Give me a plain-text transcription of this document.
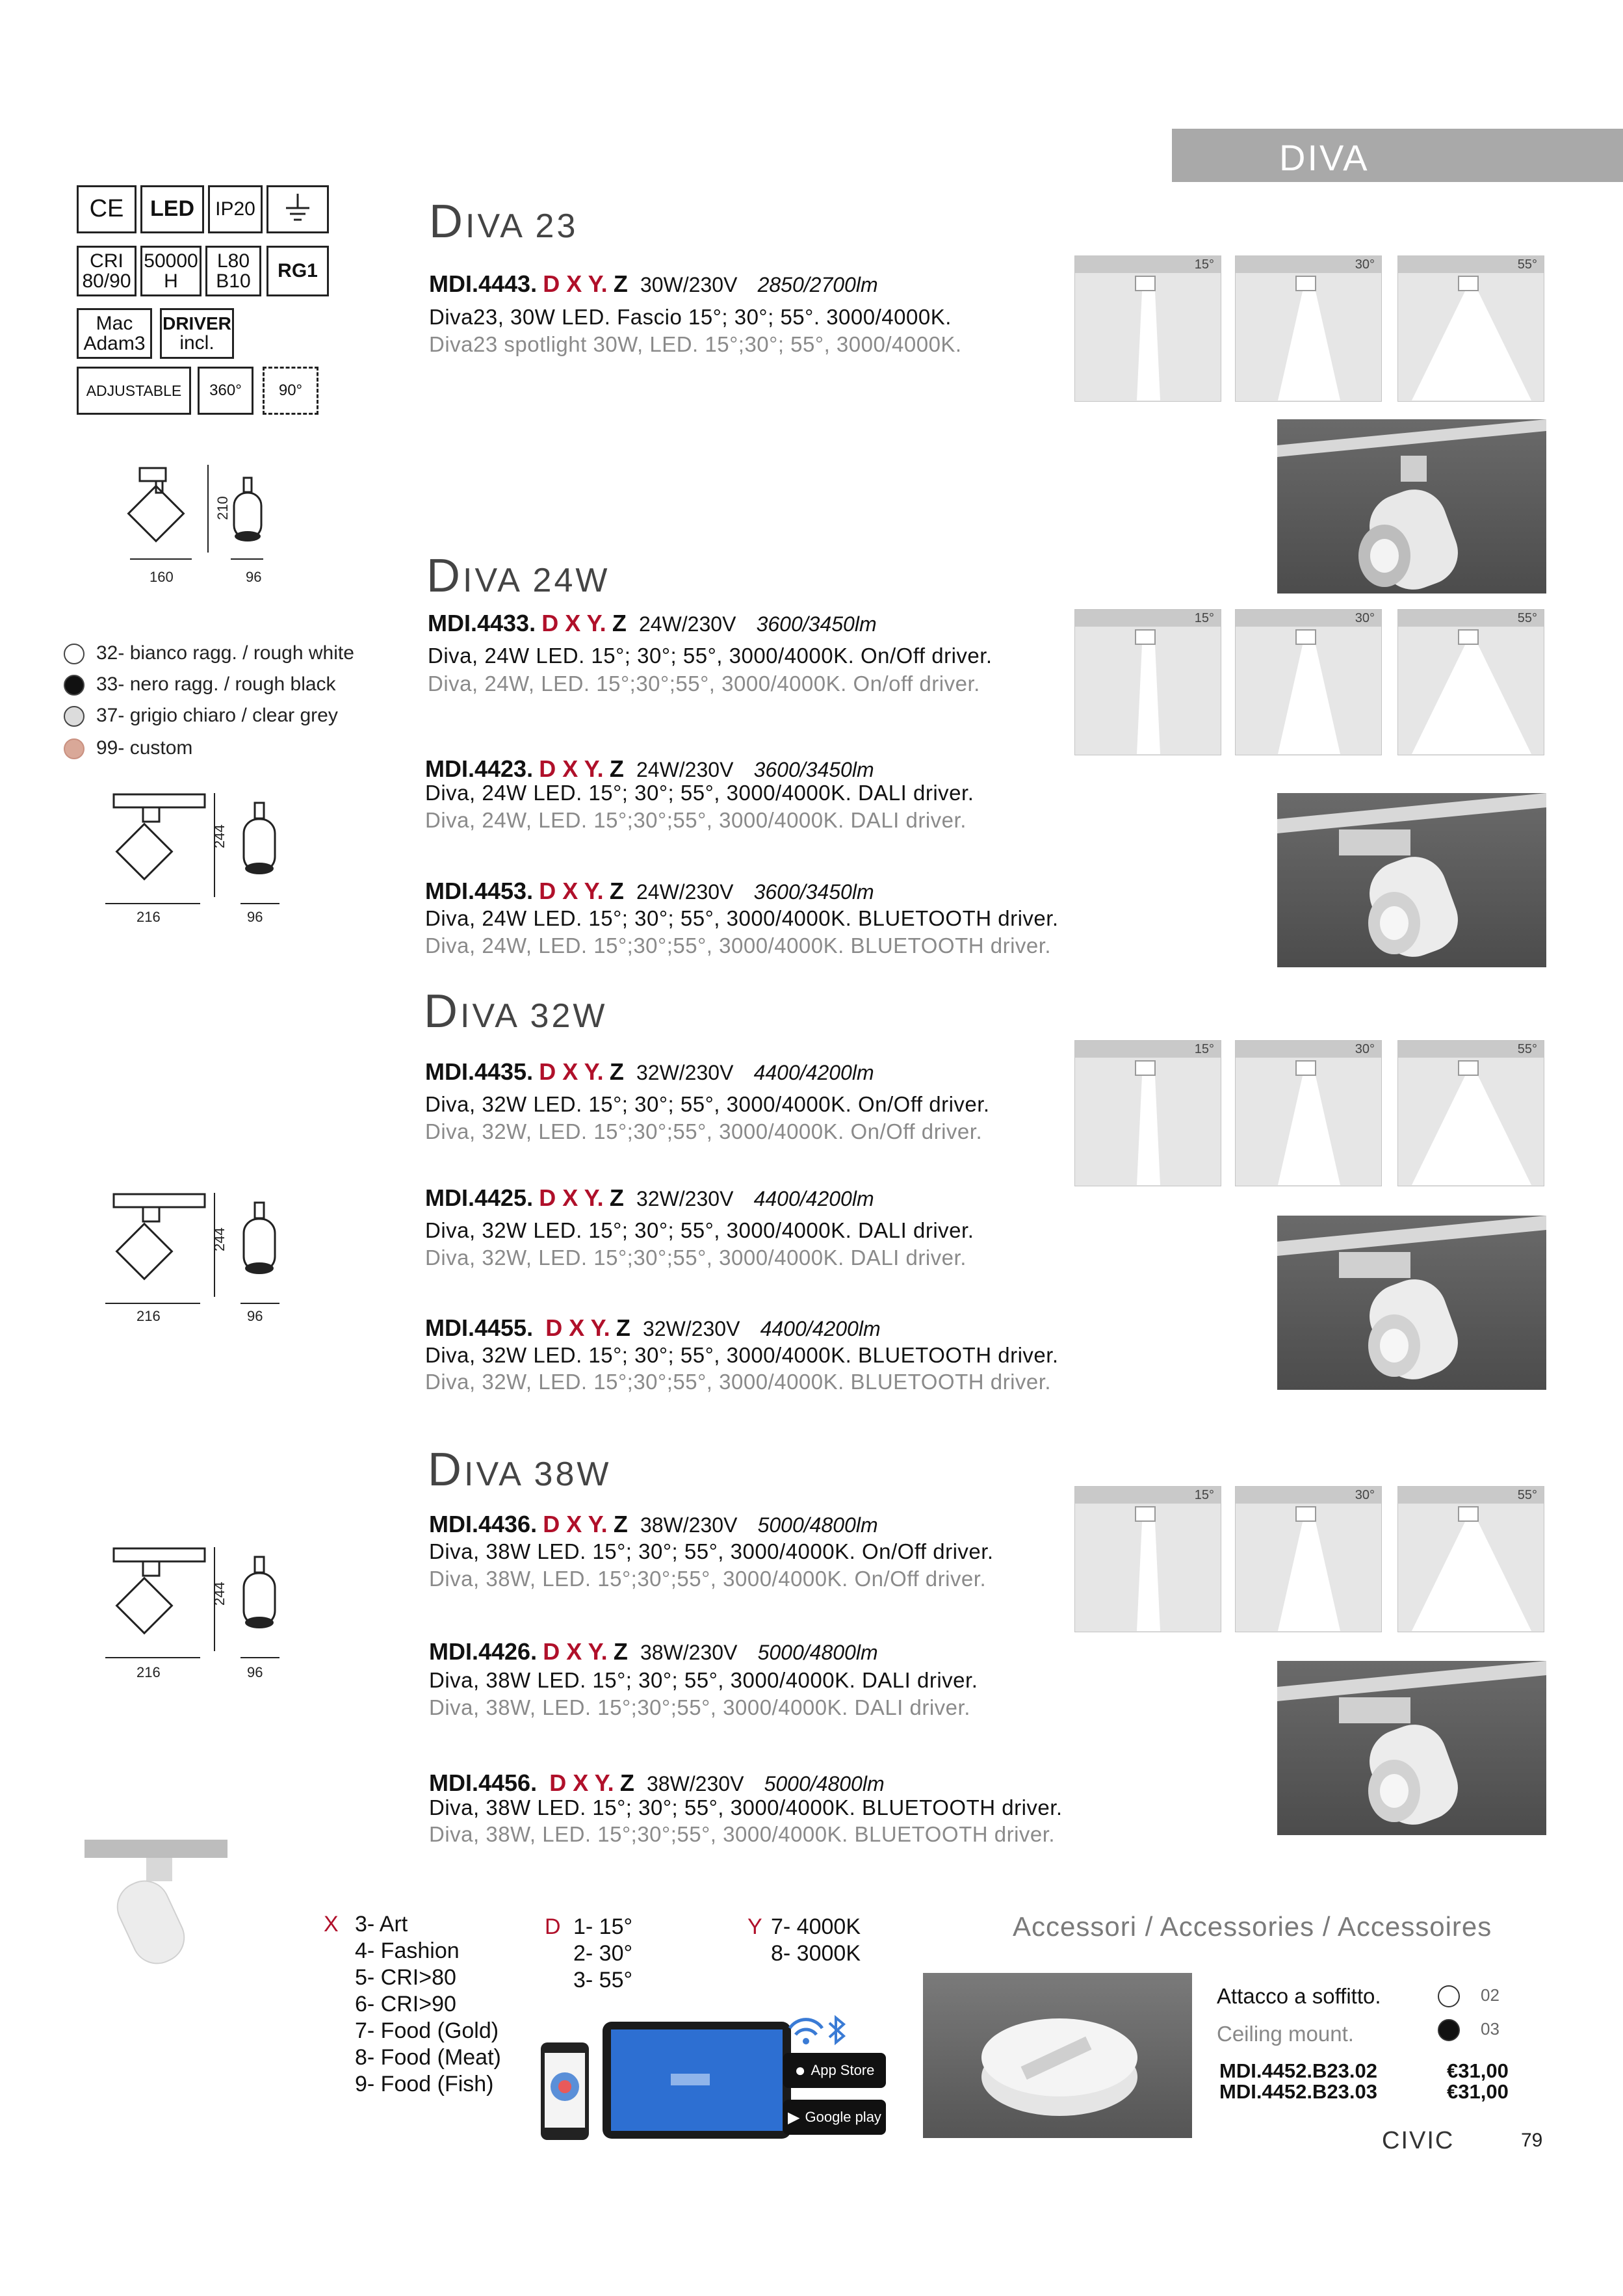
DIVA
CE	LED	IP20
CRI 80/90
50000 H
L80 B10	RG1
Mac Adam3
DRIVER
incl.
ADJUSTABLE	360°	90°
DIVA 23
DIVA 24W
DIVA 32W
DIVA 38W
MDI.4443. D X Y. Z 30W/230V 2850/2700lm
Diva23, 30W LED. Fascio 15°; 30°; 55°. 3000/4000K.
Diva23 spotlight 30W, LED. 15°;30°; 55°, 3000/4000K.
MDI.4433. D X Y. Z 24W/230V 3600/3450lm
Diva, 24W LED. 15°; 30°; 55°, 3000/4000K. On/Off driver.
Diva, 24W, LED. 15°;30°;55°, 3000/4000K. On/off driver.
MDI.4423. D X Y. Z 24W/230V 3600/3450lm
Diva, 24W LED. 15°; 30°; 55°, 3000/4000K. DALI driver.
Diva, 24W, LED. 15°;30°;55°, 3000/4000K. DALI driver.
MDI.4453. D X Y. Z 24W/230V 3600/3450lm
Diva, 24W LED. 15°; 30°; 55°, 3000/4000K. BLUETOOTH driver.
Diva, 24W, LED. 15°;30°;55°, 3000/4000K. BLUETOOTH driver.
MDI.4435. D X Y. Z 32W/230V 4400/4200lm
Diva, 32W LED. 15°; 30°; 55°, 3000/4000K. On/Off driver.
Diva, 32W, LED. 15°;30°;55°, 3000/4000K. On/Off driver.
MDI.4425. D X Y. Z 32W/230V 4400/4200lm
Diva, 32W LED. 15°; 30°; 55°, 3000/4000K. DALI driver.
Diva, 32W, LED. 15°;30°;55°, 3000/4000K. DALI driver.
MDI.4455. D X Y. Z 32W/230V 4400/4200lm
Diva, 32W LED. 15°; 30°; 55°, 3000/4000K. BLUETOOTH driver.
Diva, 32W, LED. 15°;30°;55°, 3000/4000K. BLUETOOTH driver.
MDI.4436. D X Y. Z 38W/230V 5000/4800lm
Diva, 38W LED. 15°; 30°; 55°, 3000/4000K. On/Off driver.
Diva, 38W, LED. 15°;30°;55°, 3000/4000K. On/Off driver.
MDI.4426. D X Y. Z 38W/230V 5000/4800lm
Diva, 38W LED. 15°; 30°; 55°, 3000/4000K. DALI driver.
Diva, 38W, LED. 15°;30°;55°, 3000/4000K. DALI driver.
MDI.4456. D X Y. Z 38W/230V 5000/4800lm
Diva, 38W LED. 15°; 30°; 55°, 3000/4000K. BLUETOOTH driver.
Diva, 38W, LED. 15°;30°;55°, 3000/4000K. BLUETOOTH driver.
15°	30°	55°
15°	30°	55°
15°	30°	55°
15°	30°	55°
210
160	96
244
216	96
244
216	96
244
216	96
32- bianco ragg. / rough white
33- nero ragg. / rough black
37- grigio chiaro / clear grey
99- custom
X 3- Art
4- Fashion
5- CRI>80
6- CRI>90
7- Food (Gold)
8- Food (Meat)
9- Food (Fish)
D 1- 15°
2- 30°
3- 55°
Y 7- 4000K
8- 3000K
● App Store
▶ Google play
Accessori / Accessories / Accessoires
Attacco a soffitto.
Ceiling mount.
02
03
MDI.4452.B23.02	€31,00
MDI.4452.B23.03	€31,00
CIVIC	79
